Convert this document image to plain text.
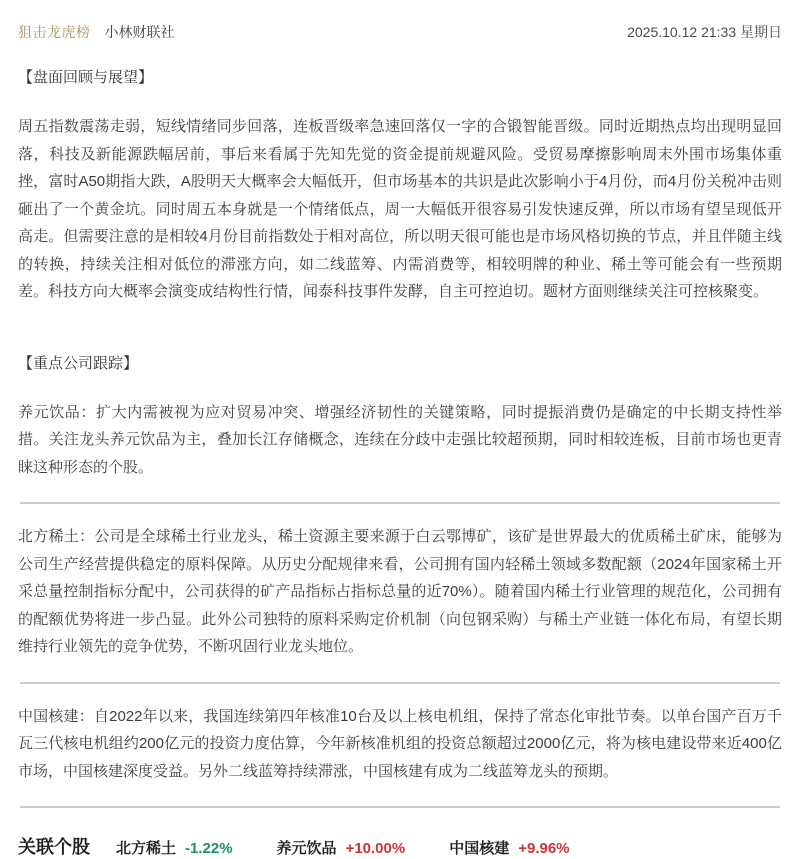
狙击龙虎榜 小林财联社	2025.10.12 21:33 星期日
【盘面回顾与展望】
周五指数震荡走弱，短线情绪同步回落，连板晋级率急速回落仅一字的合锻智能晋级。同时近期热点均出现明显回落，科技及新能源跌幅居前，事后来看属于先知先觉的资金提前规避风险。受贸易摩擦影响周末外围市场集体重挫，富时A50期指大跌，A股明天大概率会大幅低开，但市场基本的共识是此次影响小于4月份，而4月份关税冲击则砸出了一个黄金坑。同时周五本身就是一个情绪低点，周一大幅低开很容易引发快速反弹，所以市场有望呈现低开高走。但需要注意的是相较4月份目前指数处于相对高位，所以明天很可能也是市场风格切换的节点，并且伴随主线的转换，持续关注相对低位的滞涨方向，如二线蓝筹、内需消费等，相较明牌的种业、稀土等可能会有一些预期差。科技方向大概率会演变成结构性行情，闻泰科技事件发酵，自主可控迫切。题材方面则继续关注可控核聚变。
【重点公司跟踪】
养元饮品：扩大内需被视为应对贸易冲突、增强经济韧性的关键策略，同时提振消费仍是确定的中长期支持性举措。关注龙头养元饮品为主，叠加长江存储概念，连续在分歧中走强比较超预期，同时相较连板，目前市场也更青睐这种形态的个股。
北方稀土：公司是全球稀土行业龙头，稀土资源主要来源于白云鄂博矿，该矿是世界最大的优质稀土矿床，能够为公司生产经营提供稳定的原料保障。从历史分配规律来看，公司拥有国内轻稀土领域多数配额（2024年国家稀土开采总量控制指标分配中，公司获得的矿产品指标占指标总量的近70%）。随着国内稀土行业管理的规范化，公司拥有的配额优势将进一步凸显。此外公司独特的原料采购定价机制（向包钢采购）与稀土产业链一体化布局，有望长期维持行业领先的竞争优势，不断巩固行业龙头地位。
中国核建：自2022年以来，我国连续第四年核准10台及以上核电机组，保持了常态化审批节奏。以单台国产百万千瓦三代核电机组约200亿元的投资力度估算，今年新核准机组的投资总额超过2000亿元，将为核电建设带来近400亿市场，中国核建深度受益。另外二线蓝筹持续滞涨，中国核建有成为二线蓝筹龙头的预期。
关联个股 北方稀土 -1.22%	养元饮品 +10.00%	中国核建 +9.96%
